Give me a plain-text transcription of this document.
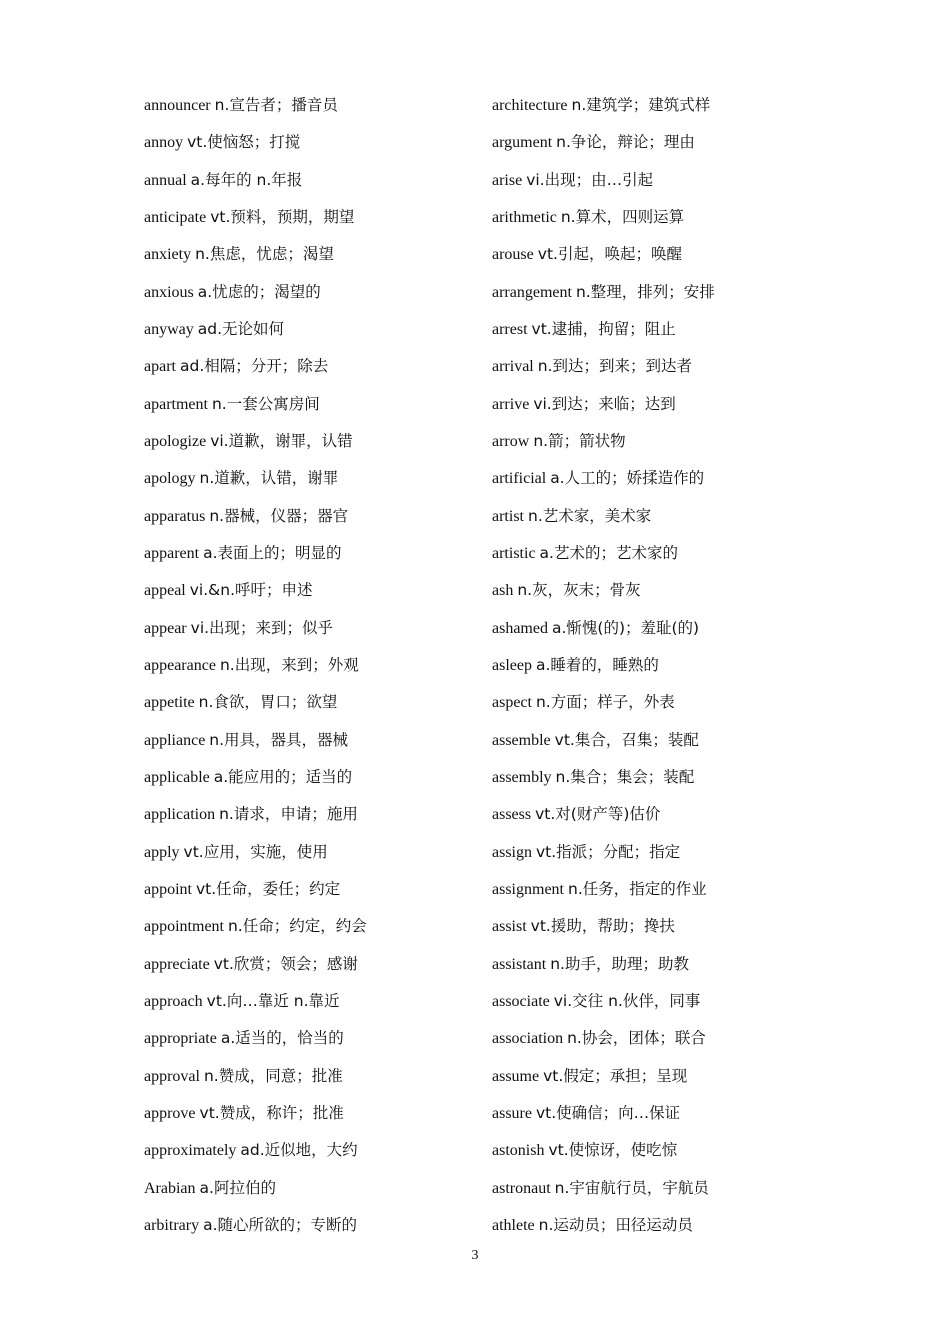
announcer n.宣告者；播音员
annoy vt.使恼怒；打搅
annual a.每年的 n.年报
anticipate vt.预料，预期，期望
anxiety n.焦虑，忧虑；渴望
anxious a.忧虑的；渴望的
anyway ad.无论如何
apart ad.相隔；分开；除去
apartment n.一套公寓房间
apologize vi.道歉，谢罪，认错
apology n.道歉，认错，谢罪
apparatus n.器械，仪器；器官
apparent a.表面上的；明显的
appeal vi.&n.呼吁；申述
appear vi.出现；来到；似乎
appearance n.出现，来到；外观
appetite n.食欲，胃口；欲望
appliance n.用具，器具，器械
applicable a.能应用的；适当的
application n.请求，申请；施用
apply vt.应用，实施，使用
appoint vt.任命，委任；约定
appointment n.任命；约定，约会
appreciate vt.欣赏；领会；感谢
approach vt.向…靠近 n.靠近
appropriate a.适当的，恰当的
approval n.赞成，同意；批准
approve vt.赞成，称许；批准
approximately ad.近似地，大约
Arabian a.阿拉伯的
arbitrary a.随心所欲的；专断的
architecture n.建筑学；建筑式样
argument n.争论，辩论；理由
arise vi.出现；由…引起
arithmetic n.算术，四则运算
arouse vt.引起，唤起；唤醒
arrangement n.整理，排列；安排
arrest vt.逮捕，拘留；阻止
arrival n.到达；到来；到达者
arrive vi.到达；来临；达到
arrow n.箭；箭状物
artificial a.人工的；娇揉造作的
artist n.艺术家，美术家
artistic a.艺术的；艺术家的
ash n.灰，灰末；骨灰
ashamed a.惭愧(的)；羞耻(的)
asleep a.睡着的，睡熟的
aspect n.方面；样子，外表
assemble vt.集合，召集；装配
assembly n.集合；集会；装配
assess vt.对(财产等)估价
assign vt.指派；分配；指定
assignment n.任务，指定的作业
assist vt.援助，帮助；搀扶
assistant n.助手，助理；助教
associate vi.交往 n.伙伴，同事
association n.协会，团体；联合
assume vt.假定；承担；呈现
assure vt.使确信；向…保证
astonish vt.使惊讶，使吃惊
astronaut n.宇宙航行员，宇航员
athlete n.运动员；田径运动员
3
